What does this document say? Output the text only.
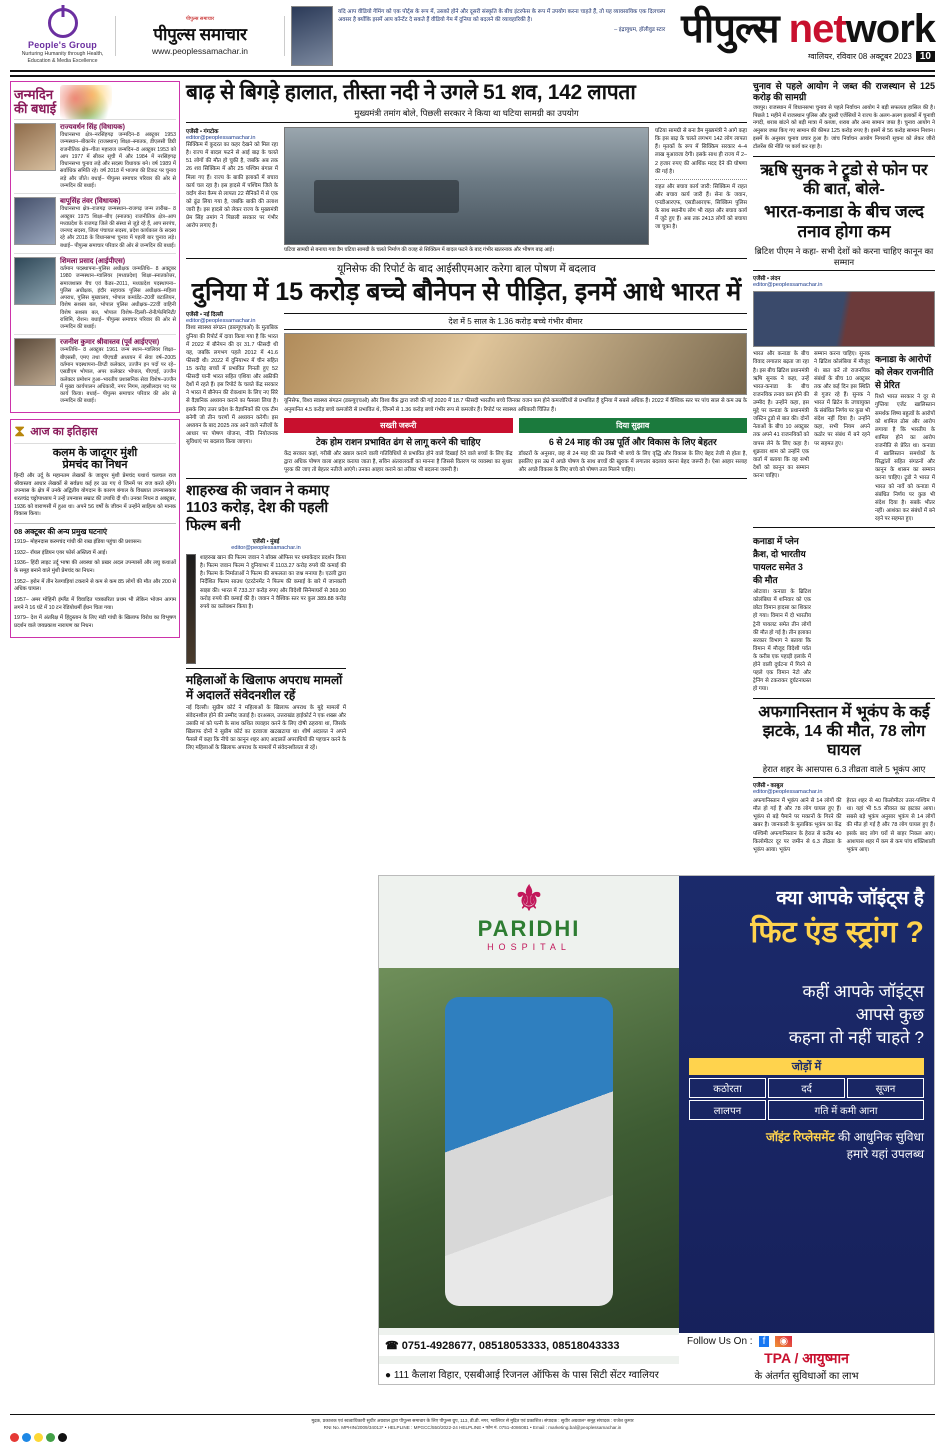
People's Group
Nurturing Humanity through Health, Education & Media Excellence
पीपुल्स समाचार
पीपुल्स समाचार
www.peoplessamachar.in
यदि आप वीडियो गेमिंग को एक पोर्ट्स के रूप में, उसको होने और दूसरी संस्कृति के बीच इंटरफेस के रूप में उपयोग करना चाहते हैं, तो यह व्यावसायिक एक दिलचस्प अवसर है क्योंकि इसमें आप कॉन्टेंट दे सकते हैं वीडियो गेम में दुनिया को बदलने की व्यावहारिकी है।
– इंद्रायुधम, हॉलीवुड स्टार पीपुल्स network
ग्वालियर, रविवार 08 अक्टूबर 2023 10
जन्मदिन
की बधाई
राज्यवर्धन सिंह (विधायक)
विधानसभा क्षेत्र–नरसिंहगढ़ जन्मदिन–8 अक्टूबर 1953 जन्मस्थान–बीकानेर (राजस्थान) शिक्षा–स्नातक, डीएलसी डिग्री राजनीतिक क्षेत्र–गीता महाराज जन्मदिन–8 अक्टूबर 1953 को आप 1977 में सीकर सूची में और 1984 में नरसिंहगढ़ विधानसभा चुनाव लड़े और सदस्य विधायक बने। वर्ष 1989 में सर्वाधिक समिति रहे। वर्ष 2018 में भाजपा की टिकट पर चुनाव लड़े और जीते। बधाई– पीपुल्स समाचार परिवार की ओर से जन्मदिन की बधाई।
बापूसिंह तंवर (विधायक)
विधानसभा क्षेत्र–राजगढ़ जन्मस्थान–राजगढ़ जन्म तारीख– 8 अक्टूबर 1975 शिक्षा–बीए (स्नातक) राजनीतिक क्षेत्र–आप मध्यप्रदेश के राजगढ़ जिले की संस्था से जुड़े रहे हैं, आप सरपंच, जनपद सदस्य, जिला पंचायत सदस्य, प्रदेश कार्यकाल के सदस्य रहे और 2018 के विधानसभा चुनाव में पहली बार चुनाव लड़े। बधाई– पीपुल्स समाचार परिवार की ओर से जन्मदिन की बधाई।
शिमला प्रसाद (आईपीएस)
वर्तमान पदस्थापना–पुलिस अधीक्षक जन्मतिथि– 8 अक्टूबर 1980 जन्मस्थान–ग्वालियर (मध्यप्रदेश) शिक्षा–स्नातकोत्तर, समाजशास्त्र बैच एवं कैडर–2011, मध्यप्रदेश पदस्थापना–पुलिस अधीक्षक, इंदौर सहायक पुलिस अधीक्षक–महिला अपराध, पुलिस मुख्यालय, भोपाल कमांडेंट–20वीं बटालियन, विशेष सशस्त्र बल, भोपाल पुलिस अधीक्षक–22वीं वाहिनी विशेष सशस्त्र बल, भोपाल विशेष–दिल्ली–रोनी/फेमिनिटी/राशिमि, रोशन। बधाई– पीपुल्स समाचार परिवार की ओर से जन्मदिन की बधाई।
रजनीश कुमार श्रीवास्तव (पूर्व आईएएस)
जन्मतिथि– 8 अक्टूबर 1961 जन्म स्थान–ग्वालियर शिक्षा–बीएससी, एमए तथा पीएचडी अध्ययन में सेवा वर्ष–2005 वर्तमान पदस्थापना–डिप्टी कलेक्टर, उज्जैन इन पदों पर रहे–एसडीएम भोपाल, अपर कलेक्टर भोपाल, पीएचई, उज्जैन कलेक्टर प्रमोशन हुआ–भारतीय प्रशासनिक सेवा विशेष–उज्जैन में मुख्य कार्यपालन अधिकारी, नगर निगम, तहसीलदार पद पर कार्य किया। बधाई– पीपुल्स समाचार परिवार की ओर से जन्मदिन की बधाई।
⧗ आज का इतिहास
कलम के जादूगर मुंशी
प्रेमचंद का निधन
हिन्दी और उर्दू के महानतम लेखकों के जादूगर मुंशी प्रेमचंद यथार्थ चलचल राज श्रीवास्तव आधार लेखकों से सर्वप्रथ कई हर उठ गए थे जिनमें पर राज करते रहेंगे। उपन्यास के क्षेत्र में उनके अद्वितीय योगदान के कारण बंगाल के विख्यात उपन्यासकार शरतचंद्र चट्टोपाध्याय ने उन्हें उपन्यास सम्राट की उपाधि दी थी। उनका निधन 8 अक्टूबर, 1936 को वाराणसी में हुआ था। अपने 56 वर्षों के जीवन में उन्होंने साहित्य को मानक विकास किया।
08 अक्टूबर की अन्य प्रमुख घटनाएं
1919– मोहनदास करमचंद गांधी की राख इंडिया पहुंचा की प्रशासन।
1932– रॉयल इंडियन एयर फोर्स अस्तित्व में आई।
1936– हिंदी लाइट उर्दू भाषा की अवस्था को प्रखर अदल उपन्यासों और लघु कथाओं के समूह बनाने वाले मुंशी प्रेमचंद का निधन।
1952– हरोन में तीन रेलगाड़ियां टकराने से कम से कम 85 लोगों की मौत और 200 से अधिक घायल।
1957– अमर मोहिनी इंग्लैंड में विवादित पत्रकारिता प्रथम भी लेकिन भोजन आगम लगने ने 16 घंटे में 10 टन रेडियोधर्मी ईंधन चिता गया।
1979– देश में अंतरिक्ष में हिंदुस्तान के लिए मंडी गांधी के खिलाफ विरोध का विभूषण प्रदर्शन वाले जयप्रकाश नारायण का निधन।
बाढ़ से बिगड़े हालात, तीस्ता नदी ने उगले 51 शव, 142 लापता
मुख्यमंत्री तमांग बोले, पिछली सरकार ने किया था घटिया सामग्री का उपयोग
एजेंसी • गंगटोक
editor@peoplessamachar.in
सिक्किम में कुदरत का कहर देखने को मिल रहा है। राज्य में बादल फटने से आई बाढ़ के चलते 51 लोगों की मौत हो चुकी है, जबकि अब तक 26 शव सिक्किम में और 25 पश्चिम बंगाल में मिला गए हैं। राज्य के बाकी इलाकों में बचाव कार्य चल रहा है। इस हादसे में पश्चिम जिले के वर्दांग सेना कैम्प से लापता 22 सैनिकों में से एक को ढूंढ लिया गया है, जबकि बाकी की तलाश जारी है। इस हादसे को लेकर राज्य के मुख्यमंत्री प्रेम सिंह तमांग ने पिछली सरकार पर गंभीर आरोप लगाए हैं।
घटिया सामग्री से बनाया गया डैम घटिया सामग्री के चलते निर्माण की वजह से सिक्किम में बादल फटने के बाद गंभीर खतरनाक और भीषण बाढ़ आई।
घटिया सामग्री से बना डैम मुख्यमंत्री ने आगे कहा कि इस बाढ़ के चलते लगभग 142 लोग लापता हैं। मृतकों के रूप में सिक्किम सरकार 4–4 लाख मुआवजा देगी। इसके साथ ही राज्य में 2–2 हजार रुपए की आर्थिक मदद देने की घोषणा की गई है।
राहत और बचाव कार्य जारी: सिक्किम में राहत और बचाव कार्य जारी हैं। सेना के जवान, एनडीआरएफ, एसडीआरएफ, सिक्किम पुलिस के साथ स्थानीय लोग भी राहत और बचाव कार्य में जुटे हुए हैं। अब तक 2413 लोगों को बचाया जा चुका है।
यूनिसेफ की रिपोर्ट के बाद आईसीएमआर करेगा बाल पोषण में बदलाव
दुनिया में 15 करोड़ बच्चे बौनेपन से पीड़ित, इनमें आधे भारत में
एजेंसी • नई दिल्ली
editor@peoplessamachar.in
विश्व स्वास्थ्य संगठन (डब्ल्यूएचओ) के मुताबिक दुनिया की रिपोर्ट में दावा किया गया है कि भारत में 2022 में बौनेपन की दर 31.7 फीसदी थी यह, जबकि लगभग पहले 2012 में 41.6 फीसदी थी। 2022 में दुनियाभर में चीन सहित 15 करोड़ बच्चों में प्रभावित गिनती हुए 52 फीसदी यानी भारत सहित एशिया और अफ्रीकी देशों में रहते हैं। इस रिपोर्ट के चलते केंद्र सरकार ने भारत में बौनेपन की रोकथाम के लिए नए सिरे से वैज्ञानिक अध्ययन कराने का फैसला लिया है। इसके लिए उत्तर प्रदेश के वैज्ञानिकों की एक टीम बनेगी जो तीन चरणों में अध्ययन करेगी। इस अध्ययन के बाद 2025 तक आने वाले नतीजों के आधार पर पोषण योजना, नीति नियोजनक सुविधाएं पर बदलाव किया जाएगा।
देश में 5 साल के 1.36 करोड़ बच्चे गंभीर बीमार
यूनिसेफ, विश्व स्वास्थ्य संगठन (डब्ल्यूएचओ) और विश्व बैंक द्वारा जारी की गई 2020 में 18.7 फीसदी भारतीय बच्चे जिनका वजन कम होने कमजोरियों से प्रभावित हैं दुनिया में सबसे अधिक हैं। 2022 में वैश्विक स्तर पर पांच साल से कम उम्र के अनुमानित 4.5 करोड़ बच्चे कमजोरी से प्रभावित थे, जिनमें से 1.36 करोड़ बच्चे गंभीर रूप से कमजोर हैं। रिपोर्ट पर स्वास्थ्य अधिकारी चिंतित हैं।
सख्ती जरूरी
टेक होम राशन प्रभावित ढंग से लागू करने की चाहिए
केंद्र सरकार कहां, गरीबी और ख्याल कराने वाली गतिविधियों से प्रभावित होने वाले दिखाई देने वाले बच्चों के लिए केंद्र द्वारा अधिक पोषण वाला आहार कराया जाता है, सविन अंतरालवर्ती का मानना है जिससे वितरण पर व्यवस्था का सुधार पूरक की जाए तो बेहतर नतीजे आएंगे। उनका आहार कराने का तरीका भी बदलना जरूरी है।
दिया सुझाव
6 से 24 माह की उम्र पूर्ति और विकास के लिए बेहतर
डॉक्टरों के अनुसार, छह से 24 माह की उम्र किसी भी बच्चे के लिए वृद्धि और विकास के लिए बेहद तेजी से होता है, इसलिए इस उम्र में अच्छे पोषण के साथ बच्चों की खुराक में लगातार बदलाव करना बेहद जरूरी है। ऐसा आहार सलाह और अच्छे विकास के लिए बच्चे को पोषण तत्व मिलने चाहिए।
शाहरुख की जवान ने कमाए 1103 करोड़, देश की पहली फिल्म बनी
एजेंसी • मुंबई
editor@peoplessamachar.in
शाहरुख खान की फिल्म जवान ने बॉक्स ऑफिस पर धमाकेदार प्रदर्शन किया है। फिल्म जवान फिल्म ने दुनियाभर में 1103.27 करोड़ रुपये की कमाई की है। फिल्म के निर्माताओं ने फिल्म की सफलता का जश्न मनाया है। एटली द्वारा निर्देशित फिल्म साउथ एंटरटेनमेंट ने फिल्म की कमाई के बारे में जानकारी साझा की। भारत में 733.37 करोड़ रुपए और विदेशी सिनेमाघरों से 369.90 करोड़ रुपये की कमाई की है। जवान ने वैश्विक स्तर पर कुल 389.88 करोड़ रुपये का कलेक्शन किया है।
महिलाओं के खिलाफ अपराध मामलों में अदालतें संवेदनशील रहें
नई दिल्ली। सुप्रीम कोर्ट ने महिलाओं के खिलाफ अपराध के मुद्दे मामलों में संवेदनशील होने की उम्मीद जताई है। दरअसल, उत्तराखंड हाईकोर्ट ने एक शख्स और उसकी मां को पत्नी के साथ कथित व्यवहार करने के लिए दोषी ठहराया था, जिसके खिलाफ दोनों ने सुप्रीम कोर्ट का दरवाजा खटखटाया था। शीर्ष अदालत ने अपने फैसले में कहा कि नीचे का कानून शहर आए अदालतें अपराधियों की पहचान करने के लिए महिलाओं के खिलाफ अपराध के मामलों में संवेदनशीलता से रहें।
चुनाव से पहले आयोग ने जब्त की राजस्थान से 125 करोड़ की सामग्री
जयपुर। राजस्थान में विधानसभा चुनाव से पहले निर्वाचन आयोग ने बड़ी सफलता हासिल की है। पिछले 1 महीने में राजस्थान पुलिस और दूसरी एजेंसियों ने राज्य के अलग-अलग इलाकों में चुनावी नगदी, शराब बांटने को बड़ी मात्रा में कब्जा, शराब और अन्य सामान जब्त है। चुनाव आयोग ने अनुसार जब्त किए गए सामान की कीमत 125 करोड़ रुपए है। इसमें से 56 करोड़ सामान निशान। इसमें के अनुसार चुनाव प्रचार हुआ है। जांच निर्वाचन आयोग निगरानी सूचना को लेकर जीरो टॉलरेंस की नीति पर कार्य कर रहा है।
ऋषि सुनक ने ट्रूडो से फोन पर की बात, बोले-
भारत-कनाडा के बीच जल्द तनाव होगा कम
ब्रिटिश पीएम ने कहा- सभी देशों को करना चाहिए कानून का सम्मान
एजेंसी • लंदन
editor@peoplessamachar.in
भारत और कनाडा के बीच विवाद लगातार बढ़ता जा रहा है। इस बीच ब्रिटिश प्रधानमंत्री ऋषि सुनक ने कहा, उन्हें भारत-कनाडा के बीच राजनयिक तनाव कम होने की उम्मीद है। उन्होंने कहा, इस मुद्दे पर कनाडा के प्रधानमंत्री जस्टिन ट्रूडो से बात की। दोनों नेताओं के बीच 10 अक्टूबर तक अपने 41 राजनयिकों को वापस लेने के लिए कहा है। शुक्रवार शाम को उन्होंने एक वार्ता में बताया कि वह सभी देशों को कानून का सम्मान करना चाहिए।
सम्मान करना चाहिए। सुनक ने ब्रिटिश कोलंबिया में मौजूद थे। बात करें तो राजनयिक संबंधों के बीच 10 अक्टूबर तक और कई दिन इस स्थिति से गुजर रहे हैं। सुनक ने भारत में ब्रिटेन के उच्चायुक्त के संबंधित निर्णय पर कुछ भी संदेश नहीं दिया है। उन्होंने कहा, सभी नियम अपने कठोर पर संबंध में बने रहने पर सहमत हुए।
कनाडा के आरोपों को लेकर राजनीति से प्रेरित
रिश्ते भारत सरकार ने दूर से गुप्तिया एजेंट खालिस्तान समर्थक शिष्य बहुत्वों के आरोपों को शामिल ठोस और आरोप लगाया है कि भारतीय के शामिल होने का आरोप राजनीति से प्रेरित था। कनाडा में खालिस्तान समर्थकों के सिद्धांतों सहित संगठनों और कानून के शासन का सम्मान करना चाहिए। ट्रूडो ने भारत में भारत को नार्वे को कनाडा में संबंधित निर्णय पर कुछ भी संदेश दिया है। सबके भीतर नहीं। आशंका कर संबंधों में बने रहने पर सहमत हुए।
कनाडा में प्लेन क्रैश, दो भारतीय पायलट समेत 3 की मौत
ओटावा। कनाडा के ब्रिटिश कोलंबिया में शनिवार को एक छोटा विमान हादसा का शिकार हो गया। विमान में दो भारतीय ट्रेनी पायलट समेत तीन लोगों की मौत हो गई है। तीन इलाका सरकार विभाग ने बताया कि विमान में मौजूद विदेशी पर्वत के करीब एक पहाड़ी इलाके में होने वाली दुर्घटना में गिरने से पहले एक विमान नेटो और ट्रेनिंग से टकराकर दुर्घटनाग्रस्त हो गया।
अफगानिस्तान में भूकंप के कई झटके, 14 की मौत, 78 लोग घायल
हेरात शहर के आसपास 6.3 तीव्रता वाले 5 भूकंप आए
एजेंसी • काबुल
editor@peoplessamachar.in
अफगानिस्तान में भूकंप आने से 14 लोगों की मौत हो गई है और 78 लोग घायल हुए हैं। भूकंप से बड़े पैमाने पर मकानों के गिरने की खबर है। जानकारी के मुताबिक भूकंप का केंद्र पश्चिमी अफगानिस्तान के हेरात से करीब 40 किलोमीटर दूर पर जमीन से 6.3 तीव्रता के भूकंप आया। भूकंप
हेरात शहर से 40 किलोमीटर उत्तर-पश्चिम में था। यहां भी 5.5 सीवरत का झटका आया। सबसे बड़े भूकंप अनुसार भूकंप से 14 लोगों की मौत हो गई है और 78 लोग घायल हुए हैं। इसके बाद लोग घरों से बाहर निकल आए। आशपास शहर में कम से कम पांच शक्तिशाली भूकंप आए।
⚜
PARIDHI
HOSPITAL
☎ 0751-4928677, 08518053333, 08518043333
● 111 कैलाश विहार, एसबीआई रिजनल ऑफिस के पास सिटी सेंटर ग्वालियर
क्या आपके जॉइंट्स है
फिट एंड स्ट्रांग ?
कहीं आपके जॉइंट्स
आपसे कुछ
कहना तो नहीं चाहते ?
जोड़ों में
कठोरता	दर्द	सूजन
लालपन	गति में कमी आना
जॉइंट रिप्लेसमेंट की आधुनिक सुविधा
हमारे यहां उपलब्ध
Follow Us On :	f	◉
TPA / आयुष्मान
के अंतर्गत सुविधाओं का लाभ
मुद्रक, प्रकाशक एवं स्वत्वाधिकारी सुधीर अग्रवाल द्वारा पीपुल्स समाचार के लिए पीपुल्स ग्रुप, 113, डी.डी. नगर, ग्वालियर से मुद्रित एवं प्रकाशित। संपादक : सुधीर अग्रवाल* समूह संपादक : राजेश कुमार
RNI No. MPHIN/2009/34013* • HELPLINE : MPGCC/550/2022-24 HELPLINE • फोन नं. 0751-4086081 • Email : marketing.bal@peoplessamachar.in
